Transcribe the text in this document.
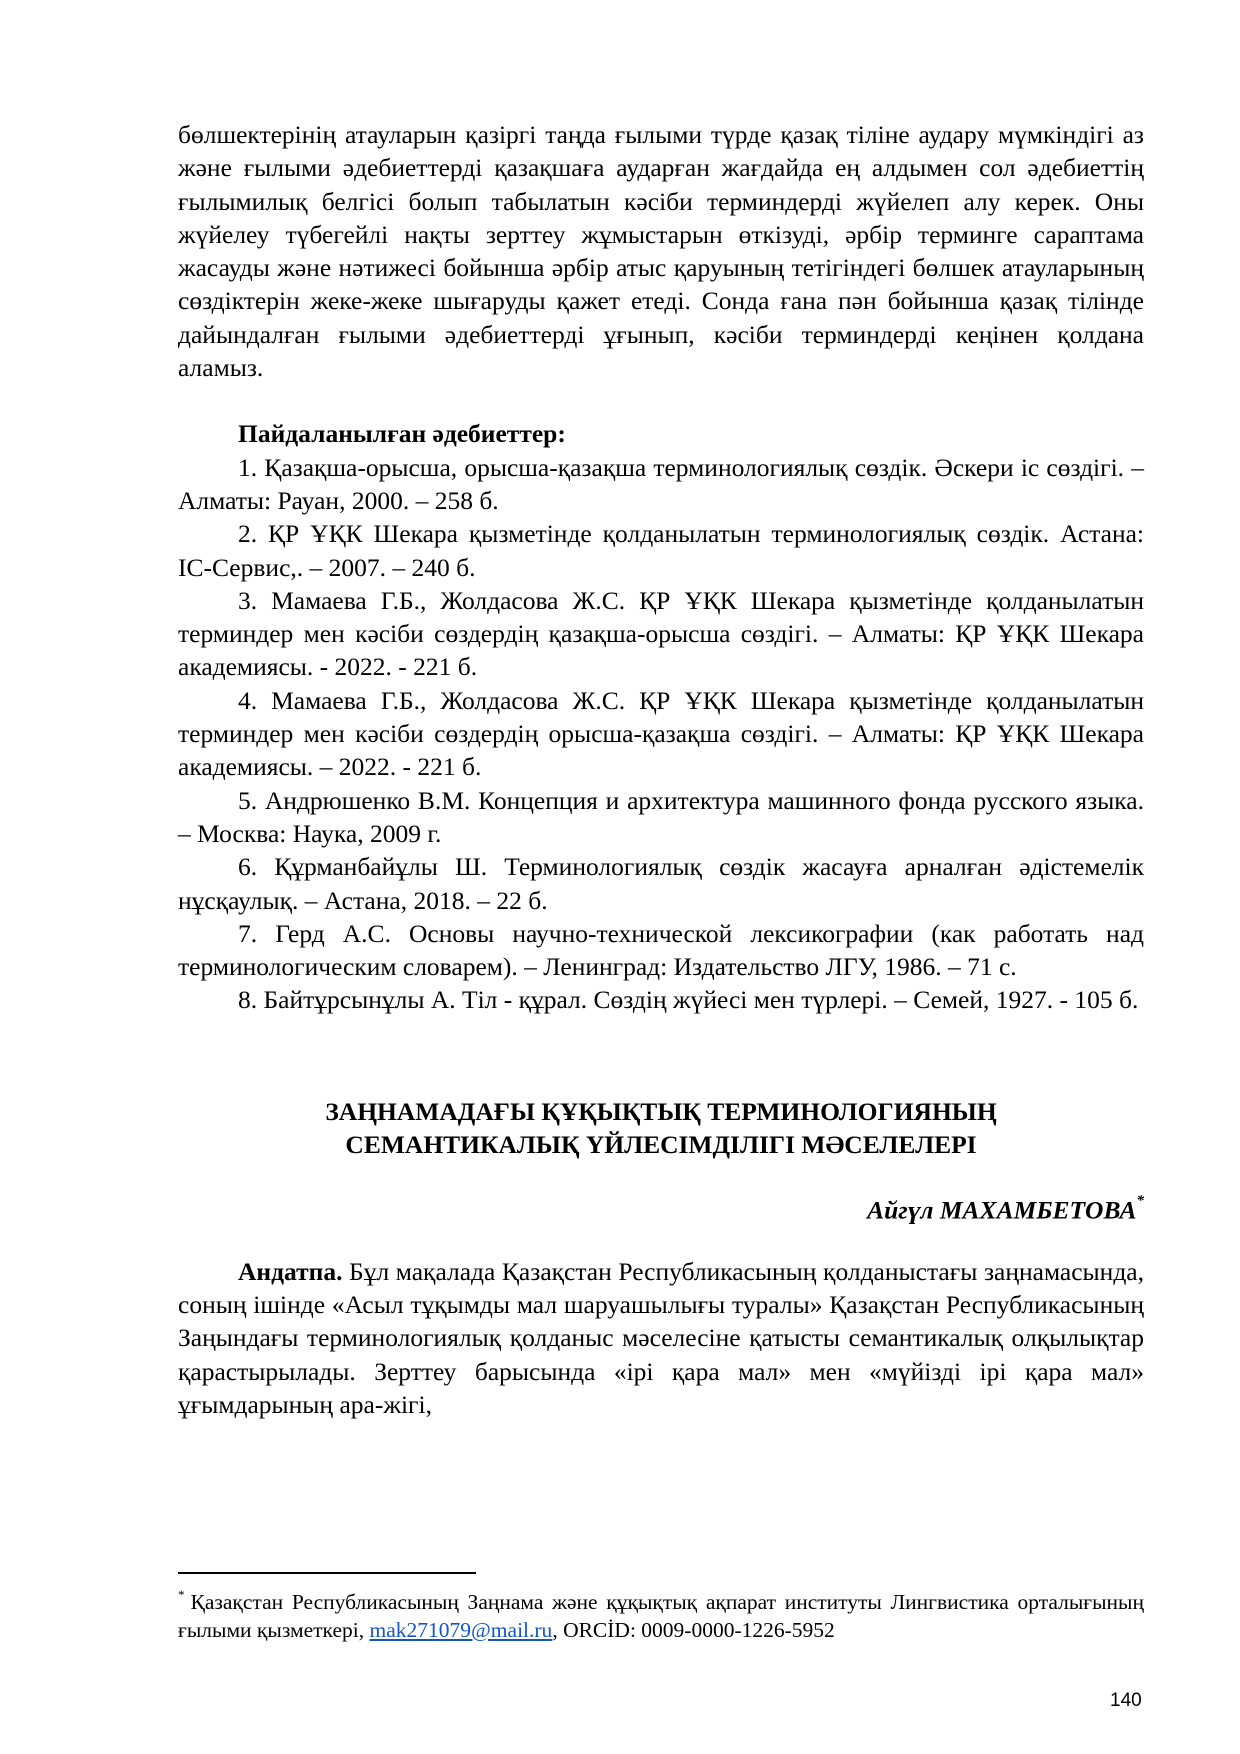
бөлшектерінің атауларын қазіргі таңда ғылыми түрде қазақ тіліне аудару мүмкіндігі аз және ғылыми әдебиеттерді қазақшаға аударған жағдайда ең алдымен сол әдебиеттің ғылымилық белгісі болып табылатын кәсіби терминдерді жүйелеп алу керек. Оны жүйелеу түбегейлі нақты зерттеу жұмыстарын өткізуді, әрбір терминге сараптама жасауды және нәтижесі бойынша әрбір атыс қаруының тетігіндегі бөлшек атауларының сөздіктерін жеке-жеке шығаруды қажет етеді. Сонда ғана пән бойынша қазақ тілінде дайындалған ғылыми әдебиеттерді ұғынып, кәсіби терминдерді кеңінен қолдана аламыз.

Пайдаланылған әдебиеттер:

1. Қазақша-орысша, орысша-қазақша терминологиялық сөздік. Әскери іс сөздігі. – Алматы: Рауан, 2000. – 258 б.

2. ҚР ҰҚК Шекара қызметінде қолданылатын терминологиялық сөздік. Астана: ІС-Сервис,. – 2007. – 240 б.

3. Мамаева Г.Б., Жолдасова Ж.С. ҚР ҰҚК Шекара қызметінде қолданылатын терминдер мен кәсіби сөздердің қазақша-орысша сөздігі. – Алматы: ҚР ҰҚК Шекара академиясы. - 2022. - 221 б.

4. Мамаева Г.Б., Жолдасова Ж.С. ҚР ҰҚК Шекара қызметінде қолданылатын терминдер мен кәсіби сөздердің орысша-қазақша сөздігі. – Алматы: ҚР ҰҚК Шекара академиясы. – 2022. - 221 б.

5. Андрюшенко В.М. Концепция и архитектура машинного фонда русского языка. – Москва: Наука, 2009 г.

6. Құрманбайұлы Ш. Терминологиялық сөздік жасауға арналған әдістемелік нұсқаулық. – Астана, 2018. – 22 б.

7. Герд А.С. Основы научно-технической лексикографии (как работать над терминологическим словарем). – Ленинград: Издательство ЛГУ, 1986. – 71 с.

8. Байтұрсынұлы А. Тіл - құрал. Сөздің жүйесі мен түрлері. – Семей, 1927. - 105 б.

ЗАҢНАМАДАҒЫ ҚҰҚЫҚТЫҚ ТЕРМИНОЛОГИЯНЫҢ
СЕМАНТИКАЛЫҚ ҮЙЛЕСІМДІЛІГІ МӘСЕЛЕЛЕРІ

Айгүл МАХАМБЕТОВА*

Андатпа. Бұл мақалада Қазақстан Республикасының қолданыстағы заңнамасында, соның ішінде «Асыл тұқымды мал шаруашылығы туралы» Қазақстан Республикасының Заңындағы терминологиялық қолданыс мәселесіне қатысты семантикалық олқылықтар қарастырылады. Зерттеу барысында «ірі қара мал» мен «мүйізді ірі қара мал» ұғымдарының ара-жігі,

* Қазақстан Республикасының Заңнама және құқықтық ақпарат институты Лингвистика орталығының ғылыми қызметкері, mak271079@mail.ru, ORCİD: 0009-0000-1226-5952

140
